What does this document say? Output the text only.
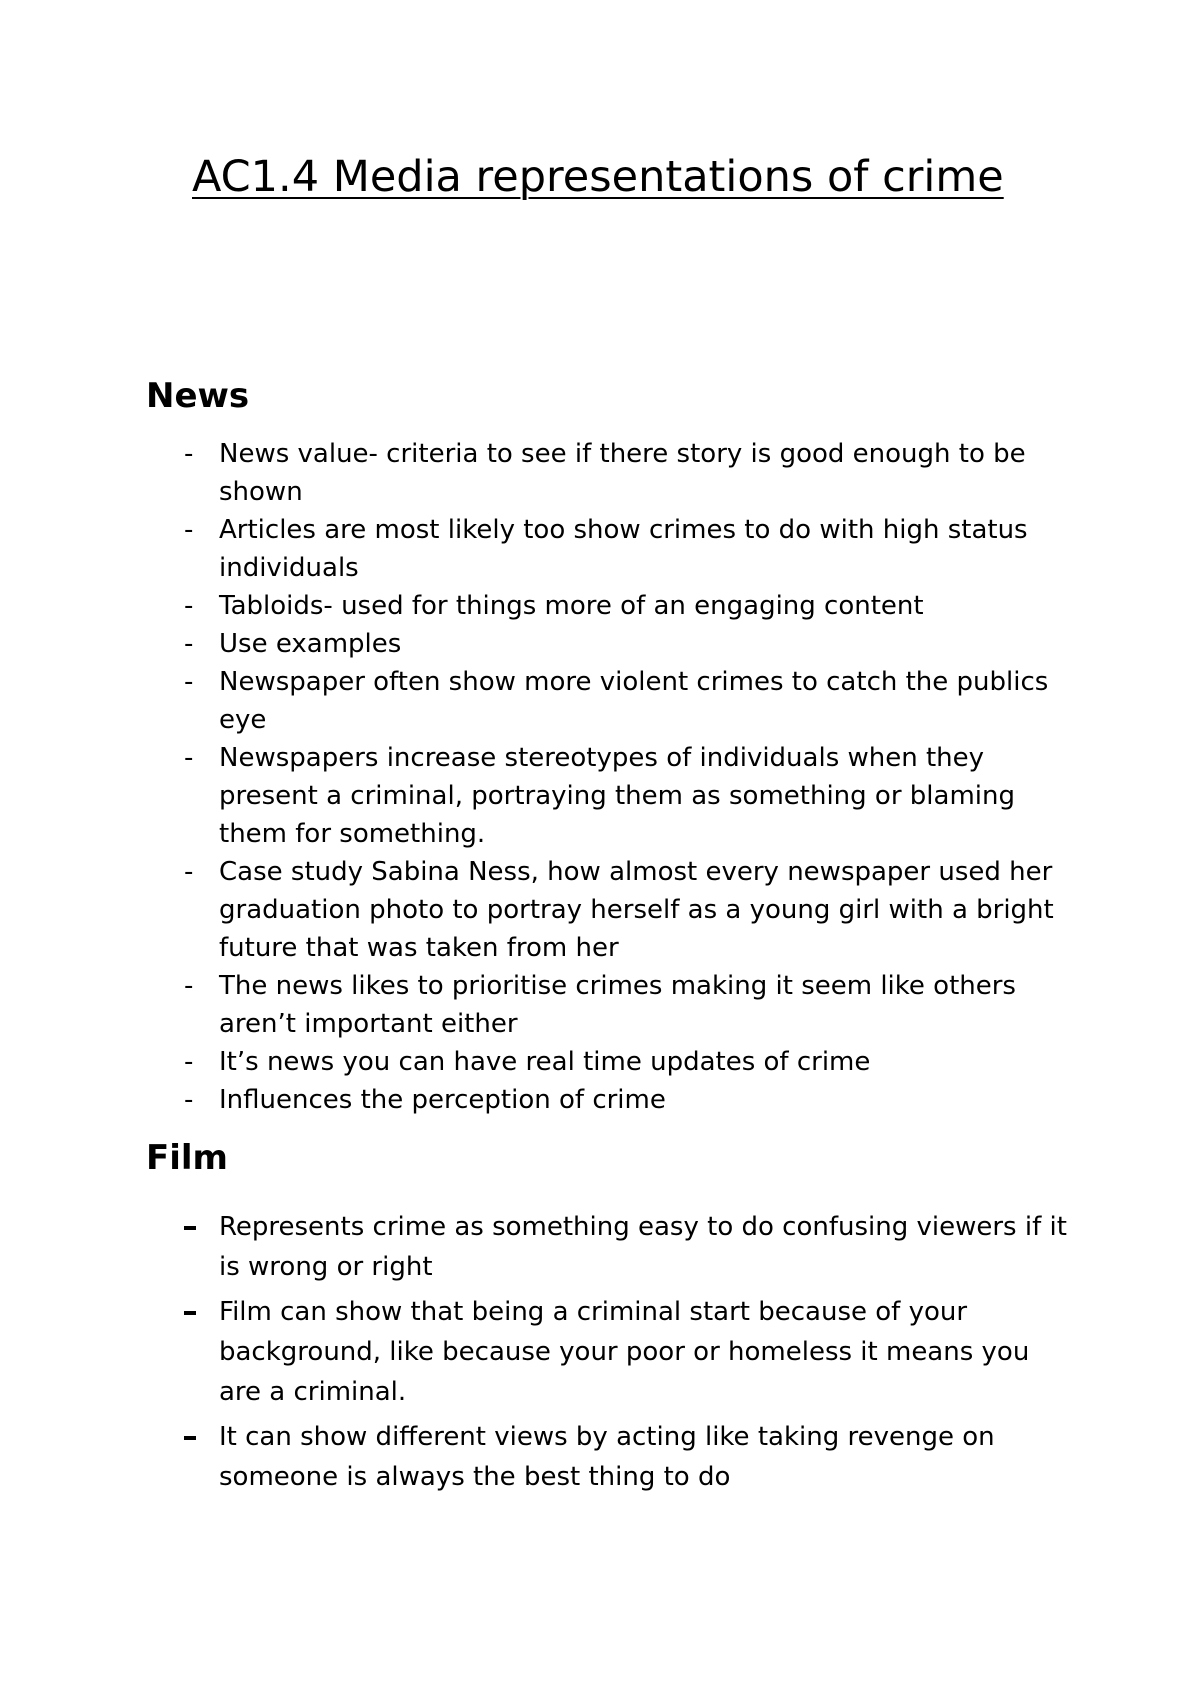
AC1.4 Media representations of crime
News
- News value- criteria to see if there story is good enough to be shown
- Articles are most likely too show crimes to do with high status individuals
- Tabloids- used for things more of an engaging content
- Use examples
- Newspaper often show more violent crimes to catch the publics eye
- Newspapers increase stereotypes of individuals when they present a criminal, portraying them as something or blaming them for something.
- Case study Sabina Ness, how almost every newspaper used her graduation photo to portray herself as a young girl with a bright future that was taken from her
- The news likes to prioritise crimes making it seem like others aren’t important either
- It’s news you can have real time updates of crime
- Influences the perception of crime
Film
Represents crime as something easy to do confusing viewers if it is wrong or right
Film can show that being a criminal start because of your background, like because your poor or homeless it means you are a criminal.
It can show different views by acting like taking revenge on someone is always the best thing to do
